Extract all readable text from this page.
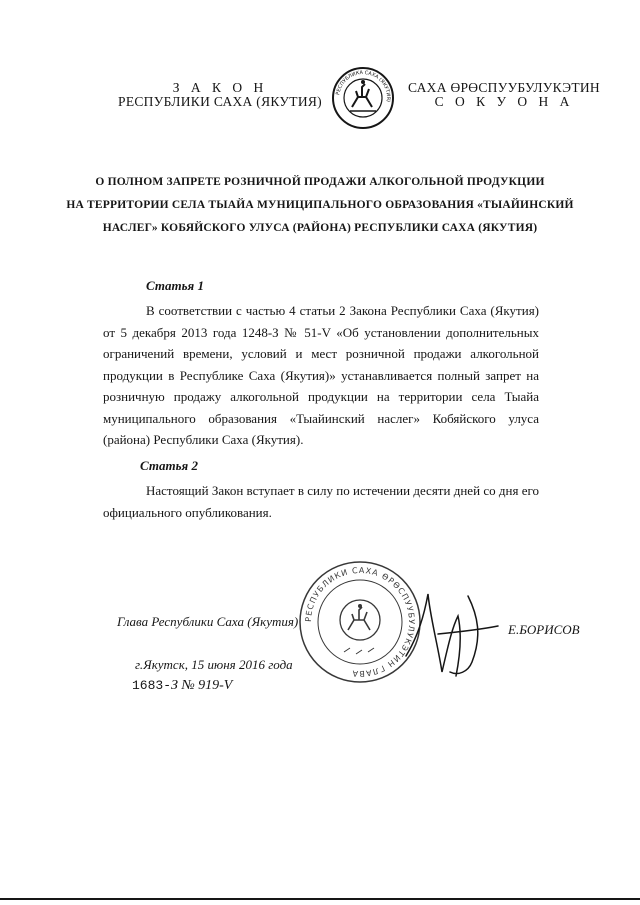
З А К О Н
РЕСПУБЛИКИ САХА (ЯКУТИЯ)
РЕСПУБЛИКА САХА (ЯКУТИЯ)
САХА ӨРӨСПУУБУЛУКЭТИН
С О К У О Н А
О ПОЛНОМ ЗАПРЕТЕ РОЗНИЧНОЙ ПРОДАЖИ АЛКОГОЛЬНОЙ ПРОДУКЦИИ
НА ТЕРРИТОРИИ СЕЛА ТЫАЙА МУНИЦИПАЛЬНОГО ОБРАЗОВАНИЯ «ТЫАЙИНСКИЙ
НАСЛЕГ» КОБЯЙСКОГО УЛУСА (РАЙОНА) РЕСПУБЛИКИ САХА (ЯКУТИЯ)
Статья 1
В соответствии с частью 4 статьи 2 Закона Республики Саха (Якутия) от 5 декабря 2013 года 1248-З № 51-V «Об установлении дополнительных ограничений времени, условий и мест розничной продажи алкогольной продукции в Республике Саха (Якутия)» устанавливается полный запрет на розничную продажу алкогольной продукции на территории села Тыайа муниципального образования «Тыайинский наслег» Кобяйского улуса (района) Республики Саха (Якутия).
Статья 2
Настоящий Закон вступает в силу по истечении десяти дней со дня его официального опубликования.
РЕСПУБЛИКИ САХА ӨРӨСПУУБУЛУКЭТИН ГЛАВА
Глава Республики Саха (Якутия)
Е.БОРИСОВ
г.Якутск, 15 июня 2016 года
1683-З № 919-V
